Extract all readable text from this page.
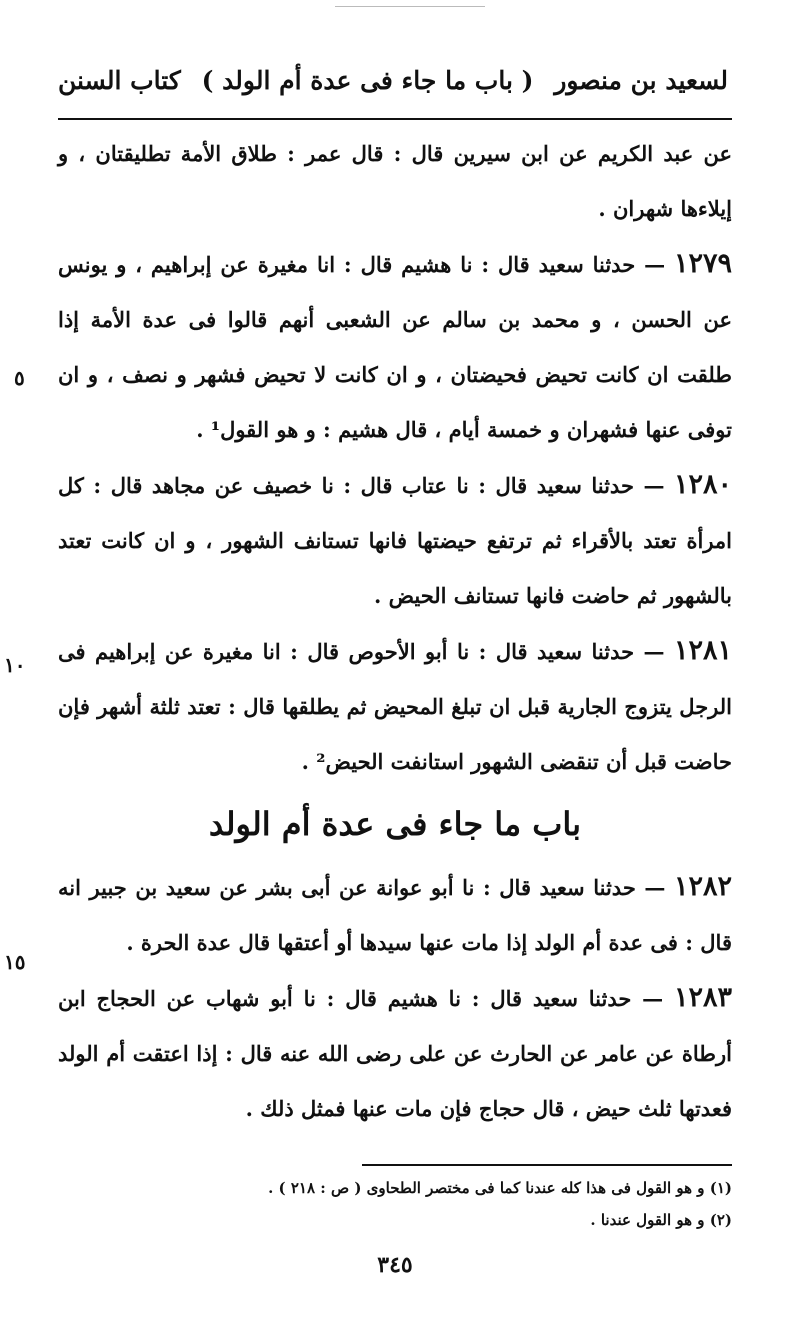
كتاب السنن ( باب ما جاء فى عدة أم الولد ) لسعيد بن منصور

عن عبد الكريم عن ابن سيرين قال : قال عمر : طلاق الأمة تطليقتان ، و إيلاءها شهران .

١٢٧٩ — حدثنا سعيد قال : نا هشيم قال : انا مغيرة عن إبراهيم ، و يونس عن الحسن ، و محمد بن سالم عن الشعبى أنهم قالوا فى عدة الأمة إذا طلقت ان كانت تحيض فحيضتان ، و ان كانت لا تحيض فشهر و نصف ، و ان توفى عنها فشهران و خمسة أيام ، قال هشيم : و هو القول¹ .

١٢٨٠ — حدثنا سعيد قال : نا عتاب قال : نا خصيف عن مجاهد قال : كل امرأة تعتد بالأقراء ثم ترتفع حيضتها فانها تستانف الشهور ، و ان كانت تعتد بالشهور ثم حاضت فانها تستانف الحيض .

١٢٨١ — حدثنا سعيد قال : نا أبو الأحوص قال : انا مغيرة عن إبراهيم فى الرجل يتزوج الجارية قبل ان تبلغ المحيض ثم يطلقها قال : تعتد ثلثة أشهر فإن حاضت قبل أن تنقضى الشهور استانفت الحيض² .

باب ما جاء فى عدة أم الولد

١٢٨٢ — حدثنا سعيد قال : نا أبو عوانة عن أبى بشر عن سعيد بن جبير انه قال : فى عدة أم الولد إذا مات عنها سيدها أو أعتقها قال عدة الحرة .

١٢٨٣ — حدثنا سعيد قال : نا هشيم قال : نا أبو شهاب عن الحجاج ابن أرطاة عن عامر عن الحارث عن على رضى الله عنه قال : إذا اعتقت أم الولد فعدتها ثلث حيض ، قال حجاج فإن مات عنها فمثل ذلك .

٥
١٠
١٥

(١) و هو القول فى هذا كله عندنا كما فى مختصر الطحاوى ( ص : ٢١٨ ) .

(٢) و هو القول عندنا .

٣٤٥
